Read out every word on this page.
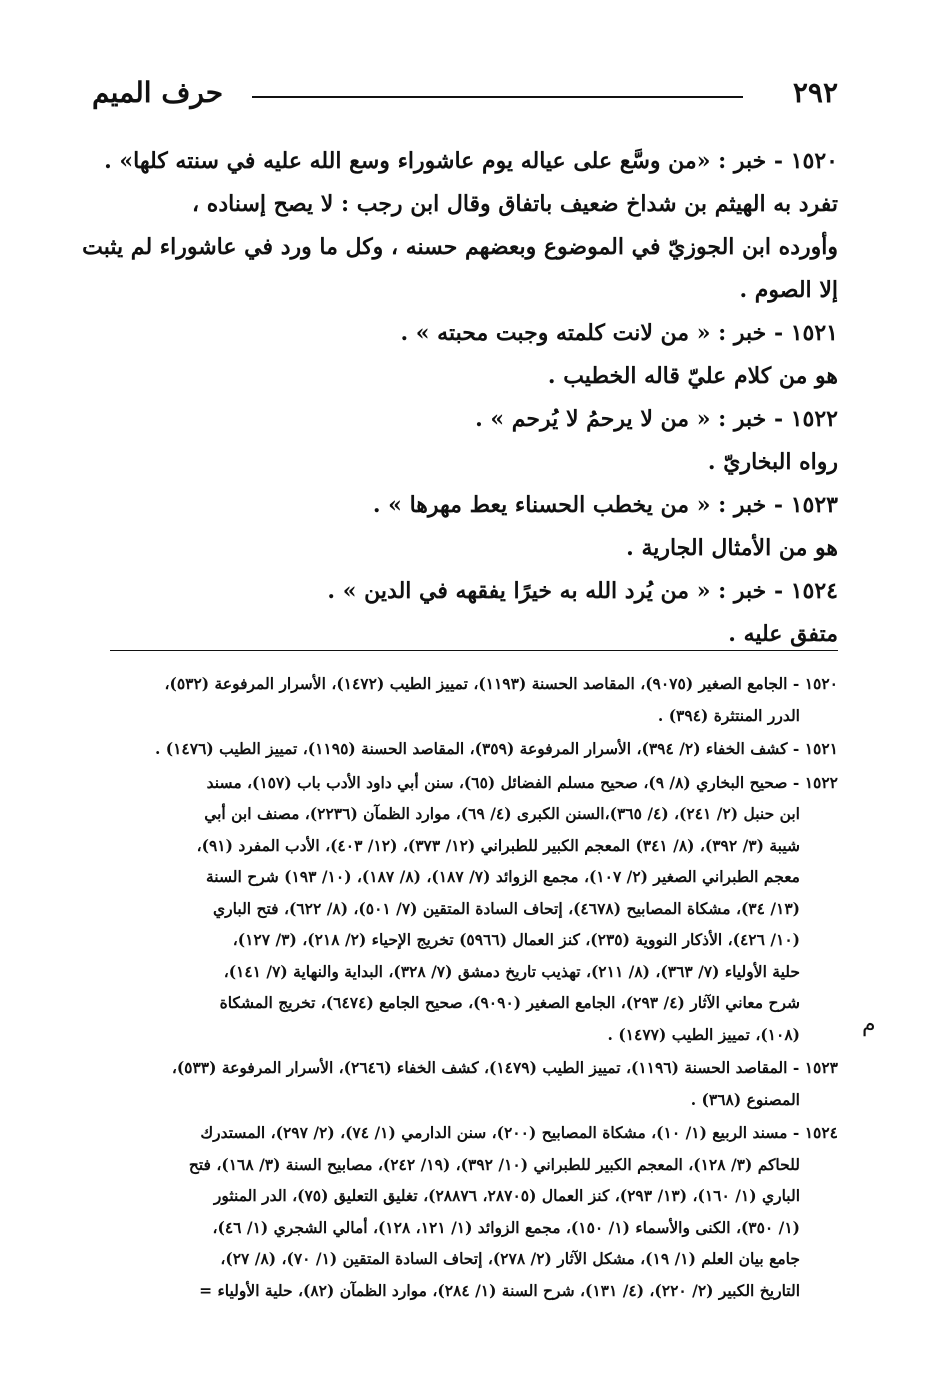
٢٩٢
حرف الميم
١٥٢٠ - خبر : «من وسَّع على عياله يوم عاشوراء وسع الله عليه في سنته كلها» .
تفرد به الهيثم بن شداخ ضعيف باتفاق وقال ابن رجب : لا يصح إسناده ،
وأورده ابن الجوزيّ في الموضوع وبعضهم حسنه ، وكل ما ورد في عاشوراء لم يثبت
إلا الصوم .
١٥٢١ - خبر : « من لانت كلمته وجبت محبته » .
هو من كلام عليّ قاله الخطيب .
١٥٢٢ - خبر : « من لا يرحمُ لا يُرحم » .
رواه البخاريّ .
١٥٢٣ - خبر : « من يخطب الحسناء يعط مهرها » .
هو من الأمثال الجارية .
١٥٢٤ - خبر : « من يُرد الله به خيرًا يفقهه في الدين » .
متفق عليه .
١٥٢٠ - الجامع الصغير (٩٠٧٥)، المقاصد الحسنة (١١٩٣)، تمييز الطيب (١٤٧٢)، الأسرار المرفوعة (٥٣٢)،
الدرر المنتثرة (٣٩٤) .
١٥٢١ - كشف الخفاء (٢/ ٣٩٤)، الأسرار المرفوعة (٣٥٩)، المقاصد الحسنة (١١٩٥)، تمييز الطيب (١٤٧٦) .
١٥٢٢ - صحيح البخاري (٨/ ٩)، صحيح مسلم الفضائل (٦٥)، سنن أبي داود الأدب باب (١٥٧)، مسند
ابن حنبل (٢/ ٢٤١)، (٤/ ٣٦٥)،السنن الكبرى (٤/ ٦٩)، موارد الظمآن (٢٢٣٦)، مصنف ابن أبي
شيبة (٣/ ٣٩٢)، (٨/ ٣٤١) المعجم الكبير للطبراني (١٢/ ٣٧٣)، (١٢/ ٤٠٣)، الأدب المفرد (٩١)،
معجم الطبراني الصغير (٢/ ١٠٧)، مجمع الزوائد (٧/ ١٨٧)، (٨/ ١٨٧)، (١٠/ ١٩٣) شرح السنة
(١٣/ ٣٤)، مشكاة المصابيح (٤٦٧٨)، إتحاف السادة المتقين (٧/ ٥٠١)، (٨/ ٦٢٢)، فتح الباري
(١٠/ ٤٢٦)، الأذكار النووية (٢٣٥)، كنز العمال (٥٩٦٦) تخريج الإحياء (٢/ ٢١٨)، (٣/ ١٢٧)،
حلية الأولياء (٧/ ٣٦٣)، (٨/ ٢١١)، تهذيب تاريخ دمشق (٧/ ٣٢٨)، البداية والنهاية (٧/ ١٤١)،
شرح معاني الآثار (٤/ ٢٩٣)، الجامع الصغير (٩٠٩٠)، صحيح الجامع (٦٤٧٤)، تخريج المشكاة
(١٠٨)، تمييز الطيب (١٤٧٧) .
١٥٢٣ - المقاصد الحسنة (١١٩٦)، تمييز الطيب (١٤٧٩)، كشف الخفاء (٢٦٤٦)، الأسرار المرفوعة (٥٣٣)،
المصنوع (٣٦٨) .
١٥٢٤ - مسند الربيع (١/ ١٠)، مشكاة المصابيح (٢٠٠)، سنن الدارمي (١/ ٧٤)، (٢/ ٢٩٧)، المستدرك
للحاكم (٣/ ١٢٨)، المعجم الكبير للطبراني (١٠/ ٣٩٢)، (١٩/ ٢٤٢)، مصابيح السنة (٣/ ١٦٨)، فتح
الباري (١/ ١٦٠)، (١٣/ ٢٩٣)، كنز العمال (٢٨٧٠٥، ٢٨٨٧٦)، تغليق التعليق (٧٥)، الدر المنثور
(١/ ٣٥٠)، الكنى والأسماء (١/ ١٥٠)، مجمع الزوائد (١/ ١٢١، ١٢٨)، أمالي الشجري (١/ ٤٦)،
جامع بيان العلم (١/ ١٩)، مشكل الآثار (٢/ ٢٧٨)، إتحاف السادة المتقين (١/ ٧٠)، (٨/ ٢٧)،
التاريخ الكبير (٢/ ٢٢٠)، (٤/ ١٣١)، شرح السنة (١/ ٢٨٤)، موارد الظمآن (٨٢)، حلية الأولياء =
م
